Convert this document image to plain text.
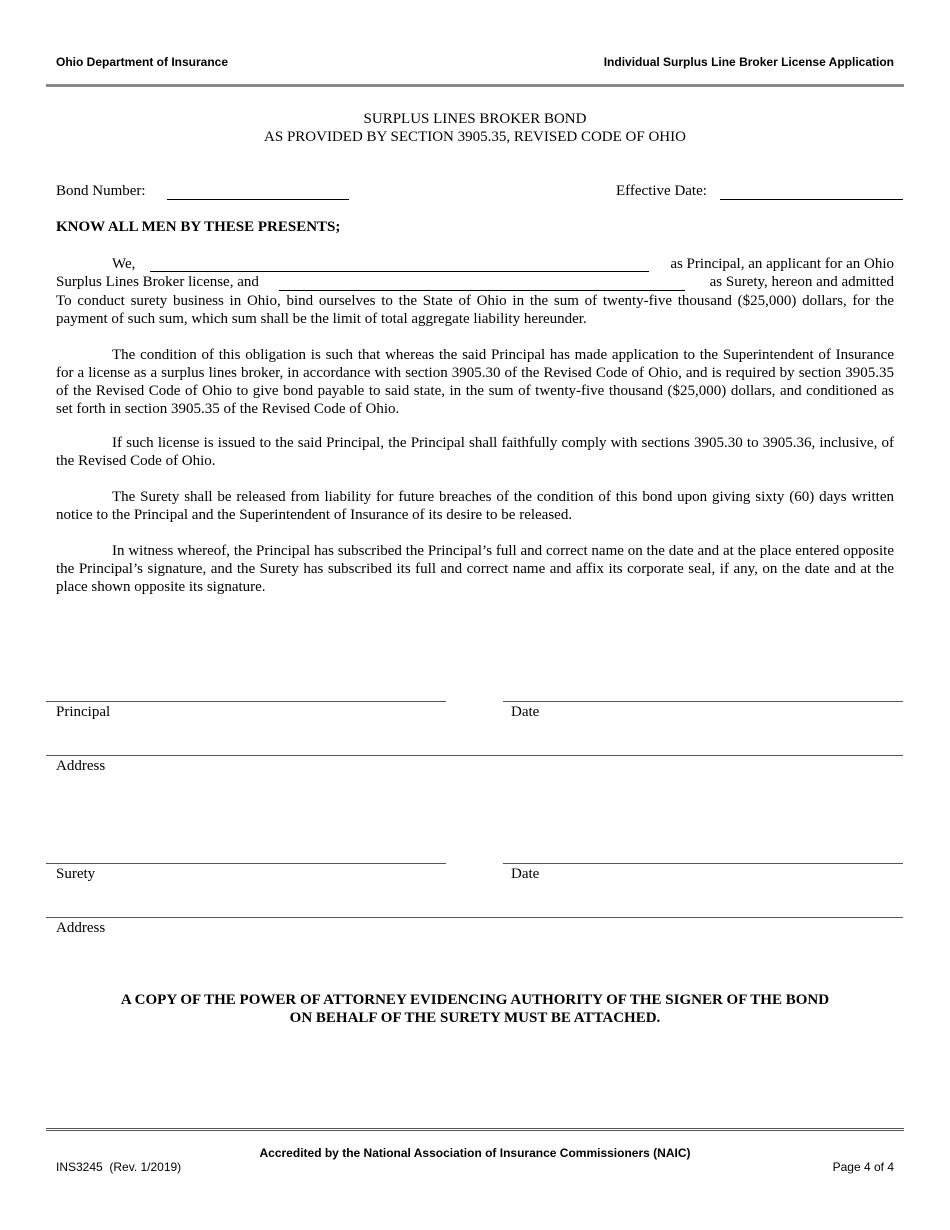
Ohio Department of Insurance	Individual Surplus Line Broker License Application
SURPLUS LINES BROKER BOND
AS PROVIDED BY SECTION 3905.35, REVISED CODE OF OHIO
Bond Number:	Effective Date:
KNOW ALL MEN BY THESE PRESENTS;
We,	as Principal, an applicant for an Ohio
Surplus Lines Broker license, and	as Surety, hereon and admitted
To conduct surety business in Ohio, bind ourselves to the State of Ohio in the sum of twenty-five thousand ($25,000) dollars, for the
payment of such sum, which sum shall be the limit of total aggregate liability hereunder.

The condition of this obligation is such that whereas the said Principal has made application to the Superintendent of Insurance for a license as a surplus lines broker, in accordance with section 3905.30 of the Revised Code of Ohio, and is required by section 3905.35 of the Revised Code of Ohio to give bond payable to said state, in the sum of twenty-five thousand ($25,000) dollars, and conditioned as set forth in section 3905.35 of the Revised Code of Ohio.

If such license is issued to the said Principal, the Principal shall faithfully comply with sections 3905.30 to 3905.36, inclusive, of the Revised Code of Ohio.

The Surety shall be released from liability for future breaches of the condition of this bond upon giving sixty (60) days written notice to the Principal and the Superintendent of Insurance of its desire to be released.

In witness whereof, the Principal has subscribed the Principal’s full and correct name on the date and at the place entered opposite the Principal’s signature, and the Surety has subscribed its full and correct name and affix its corporate seal, if any, on the date and at the place shown opposite its signature.

Principal	Date
Address
Surety	Date
Address
A COPY OF THE POWER OF ATTORNEY EVIDENCING AUTHORITY OF THE SIGNER OF THE BOND
ON BEHALF OF THE SURETY MUST BE ATTACHED.
Accredited by the National Association of Insurance Commissioners (NAIC)
INS3245  (Rev. 1/2019)	Page 4 of 4
